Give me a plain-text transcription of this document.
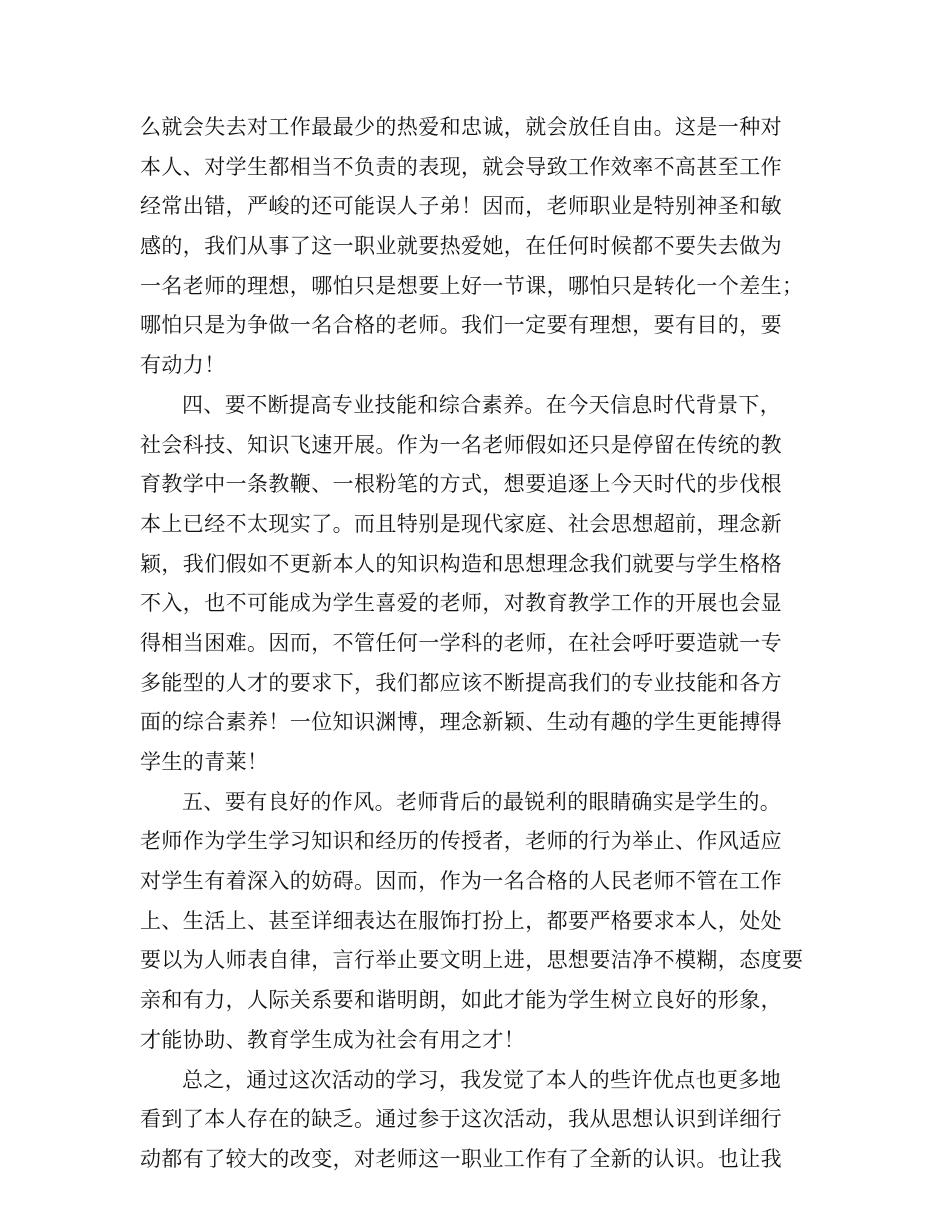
么就会失去对工作最最少的热爱和忠诚，就会放任自由。这是一种对
本人、对学生都相当不负责的表现，就会导致工作效率不高甚至工作
经常出错，严峻的还可能误人子弟！因而，老师职业是特别神圣和敏
感的，我们从事了这一职业就要热爱她，在任何时候都不要失去做为
一名老师的理想，哪怕只是想要上好一节课，哪怕只是转化一个差生；
哪怕只是为争做一名合格的老师。我们一定要有理想，要有目的，要
有动力！
四、要不断提高专业技能和综合素养。在今天信息时代背景下，
社会科技、知识飞速开展。作为一名老师假如还只是停留在传统的教
育教学中一条教鞭、一根粉笔的方式，想要追逐上今天时代的步伐根
本上已经不太现实了。而且特别是现代家庭、社会思想超前，理念新
颖，我们假如不更新本人的知识构造和思想理念我们就要与学生格格
不入，也不可能成为学生喜爱的老师，对教育教学工作的开展也会显
得相当困难。因而，不管任何一学科的老师，在社会呼吁要造就一专
多能型的人才的要求下，我们都应该不断提高我们的专业技能和各方
面的综合素养！一位知识渊博，理念新颖、生动有趣的学生更能搏得
学生的青莱！
五、要有良好的作风。老师背后的最锐利的眼睛确实是学生的。
老师作为学生学习知识和经历的传授者，老师的行为举止、作风适应
对学生有着深入的妨碍。因而，作为一名合格的人民老师不管在工作
上、生活上、甚至详细表达在服饰打扮上，都要严格要求本人，处处
要以为人师表自律，言行举止要文明上进，思想要洁净不模糊，态度要
亲和有力，人际关系要和谐明朗，如此才能为学生树立良好的形象，
才能协助、教育学生成为社会有用之才！
总之，通过这次活动的学习，我发觉了本人的些许优点也更多地
看到了本人存在的缺乏。通过参于这次活动，我从思想认识到详细行
动都有了较大的改变，对老师这一职业工作有了全新的认识。也让我
